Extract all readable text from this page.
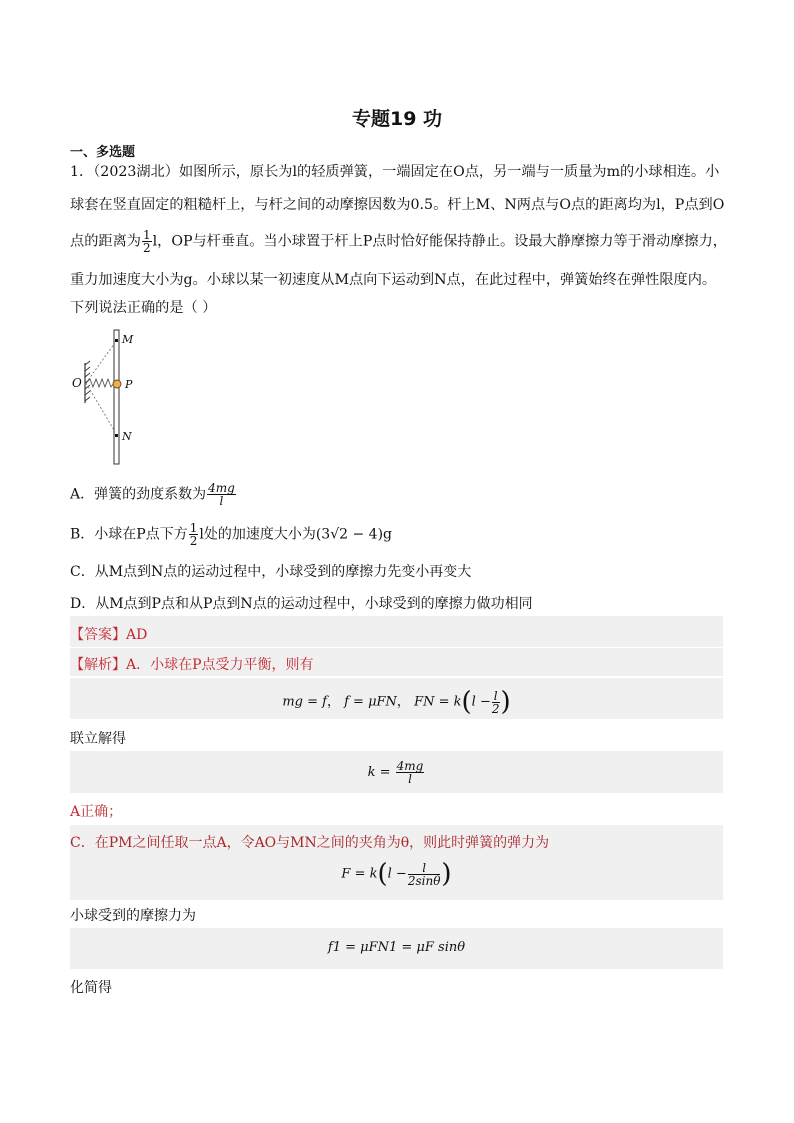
专题19 功
一、多选题
1．（2023湖北）如图所示，原长为l的轻质弹簧，一端固定在O点，另一端与一质量为m的小球相连。小
球套在竖直固定的粗糙杆上，与杆之间的动摩擦因数为0.5。杆上M、N两点与O点的距离均为l，P点到O
点的距离为 $\frac{1}{2}$ l，OP与杆垂直。当小球置于杆上P点时恰好能保持静止。设最大静摩擦力等于滑动摩擦力，
重力加速度大小为g。小球以某一初速度从M点向下运动到N点，在此过程中，弹簧始终在弹性限度内。
下列说法正确的是（ ）
M
O	P
N
A．弹簧的劲度系数为 $\frac{4mg}{l}$
B．小球在P点下方 $\frac{1}{2}$ l处的加速度大小为(3√2 − 4)g
C．从M点到N点的运动过程中，小球受到的摩擦力先变小再变大
D．从M点到P点和从P点到N点的运动过程中，小球受到的摩擦力做功相同
【答案】AD
【解析】A．小球在P点受力平衡，则有
mg = f， f = μFN， FN = $k(l - \frac{l}{2}$ )
联立解得
$k = \frac{4mg}{l}$
A正确；
C．在PM之间任取一点A，令AO与MN之间的夹角为θ，则此时弹簧的弹力为
$F = k(l - \frac{l}{2\sin\theta}$ )
小球受到的摩擦力为
f1 = μFN1 = μF sinθ
化简得
